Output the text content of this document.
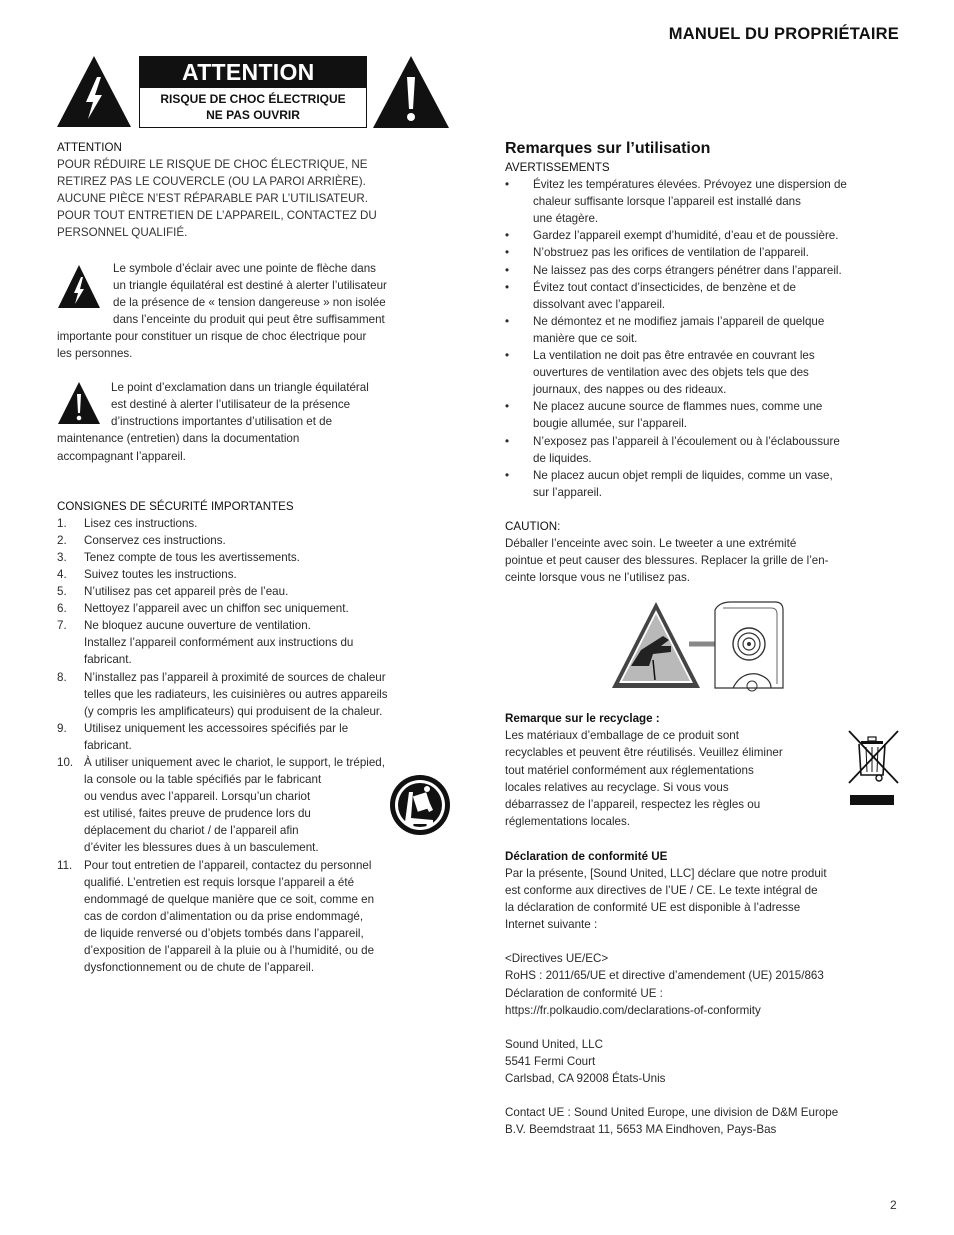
MANUEL DU PROPRIÉTAIRE
ATTENTION
RISQUE DE CHOC ÉLECTRIQUE
NE PAS OUVRIR
ATTENTION
POUR RÉDUIRE LE RISQUE DE CHOC ÉLECTRIQUE, NE
RETIREZ PAS LE COUVERCLE (OU LA PAROI ARRIÈRE).
AUCUNE PIÈCE N’EST RÉPARABLE PAR L’UTILISATEUR.
POUR TOUT ENTRETIEN DE L’APPAREIL, CONTACTEZ DU
PERSONNEL QUALIFIÉ.
Le symbole d’éclair avec une pointe de flèche dans
un triangle équilatéral est destiné à alerter l’utilisateur
de la présence de « tension dangereuse » non isolée
dans l’enceinte du produit qui peut être suffisamment
importante pour constituer un risque de choc électrique pour
les personnes.
Le point d’exclamation dans un triangle équilatéral
est destiné à alerter l’utilisateur de la présence
d’instructions importantes d’utilisation et de
maintenance (entretien) dans la documentation
accompagnant l’appareil.
CONSIGNES DE SÉCURITÉ IMPORTANTES
1. Lisez ces instructions.
2. Conservez ces instructions.
3. Tenez compte de tous les avertissements.
4. Suivez toutes les instructions.
5. N’utilisez pas cet appareil près de l’eau.
6. Nettoyez l’appareil avec un chiffon sec uniquement.
7. Ne bloquez aucune ouverture de ventilation.
Installez l’appareil conformément aux instructions du
fabricant.
8. N’installez pas l’appareil à proximité de sources de chaleur
telles que les radiateurs, les cuisinières ou autres appareils
(y compris les amplificateurs) qui produisent de la chaleur.
9. Utilisez uniquement les accessoires spécifiés par le
fabricant.
10. À utiliser uniquement avec le chariot, le support, le trépied,
la console ou la table spécifiés par le fabricant
ou vendus avec l’appareil. Lorsqu’un chariot
est utilisé, faites preuve de prudence lors du
déplacement du chariot / de l’appareil afin
d’éviter les blessures dues à un basculement.
11. Pour tout entretien de l’appareil, contactez du personnel
qualifié. L’entretien est requis lorsque l’appareil a été
endommagé de quelque manière que ce soit, comme en
cas de cordon d’alimentation ou da prise endommagé,
de liquide renversé ou d’objets tombés dans l’appareil,
d’exposition de l’appareil à la pluie ou à l’humidité, ou de
dysfonctionnement ou de chute de l’appareil.
Remarques sur l’utilisation
AVERTISSEMENTS
• Évitez les températures élevées. Prévoyez une dispersion de
chaleur suffisante lorsque l’appareil est installé dans
une étagère.
• Gardez l’appareil exempt d’humidité, d’eau et de poussière.
• N’obstruez pas les orifices de ventilation de l’appareil.
• Ne laissez pas des corps étrangers pénétrer dans l’appareil.
• Évitez tout contact d’insecticides, de benzène et de
dissolvant avec l’appareil.
• Ne démontez et ne modifiez jamais l’appareil de quelque
manière que ce soit.
• La ventilation ne doit pas être entravée en couvrant les
ouvertures de ventilation avec des objets tels que des
journaux, des nappes ou des rideaux.
• Ne placez aucune source de flammes nues, comme une
bougie allumée, sur l’appareil.
• N’exposez pas l’appareil à l’écoulement ou à l’éclaboussure
de liquides.
• Ne placez aucun objet rempli de liquides, comme un vase,
sur l’appareil.
CAUTION:
Déballer l’enceinte avec soin. Le tweeter a une extrémité
pointue et peut causer des blessures. Replacer la grille de l’en-
ceinte lorsque vous ne l’utilisez pas.
Remarque sur le recyclage :
Les matériaux d’emballage de ce produit sont
recyclables et peuvent être réutilisés. Veuillez éliminer
tout matériel conformément aux réglementations
locales relatives au recyclage. Si vous vous
débarrassez de l’appareil, respectez les règles ou
réglementations locales.
Déclaration de conformité UE
Par la présente, [Sound United, LLC] déclare que notre produit
est conforme aux directives de l’UE / CE. Le texte intégral de
la déclaration de conformité UE est disponible à l’adresse
Internet suivante :
<Directives UE/EC>
RoHS : 2011/65/UE et directive d’amendement (UE) 2015/863
Déclaration de conformité UE :
https://fr.polkaudio.com/declarations-of-conformity
Sound United, LLC
5541 Fermi Court
Carlsbad, CA 92008 États-Unis
Contact UE : Sound United Europe, une division de D&M Europe
B.V. Beemdstraat 11, 5653 MA Eindhoven, Pays-Bas
2
